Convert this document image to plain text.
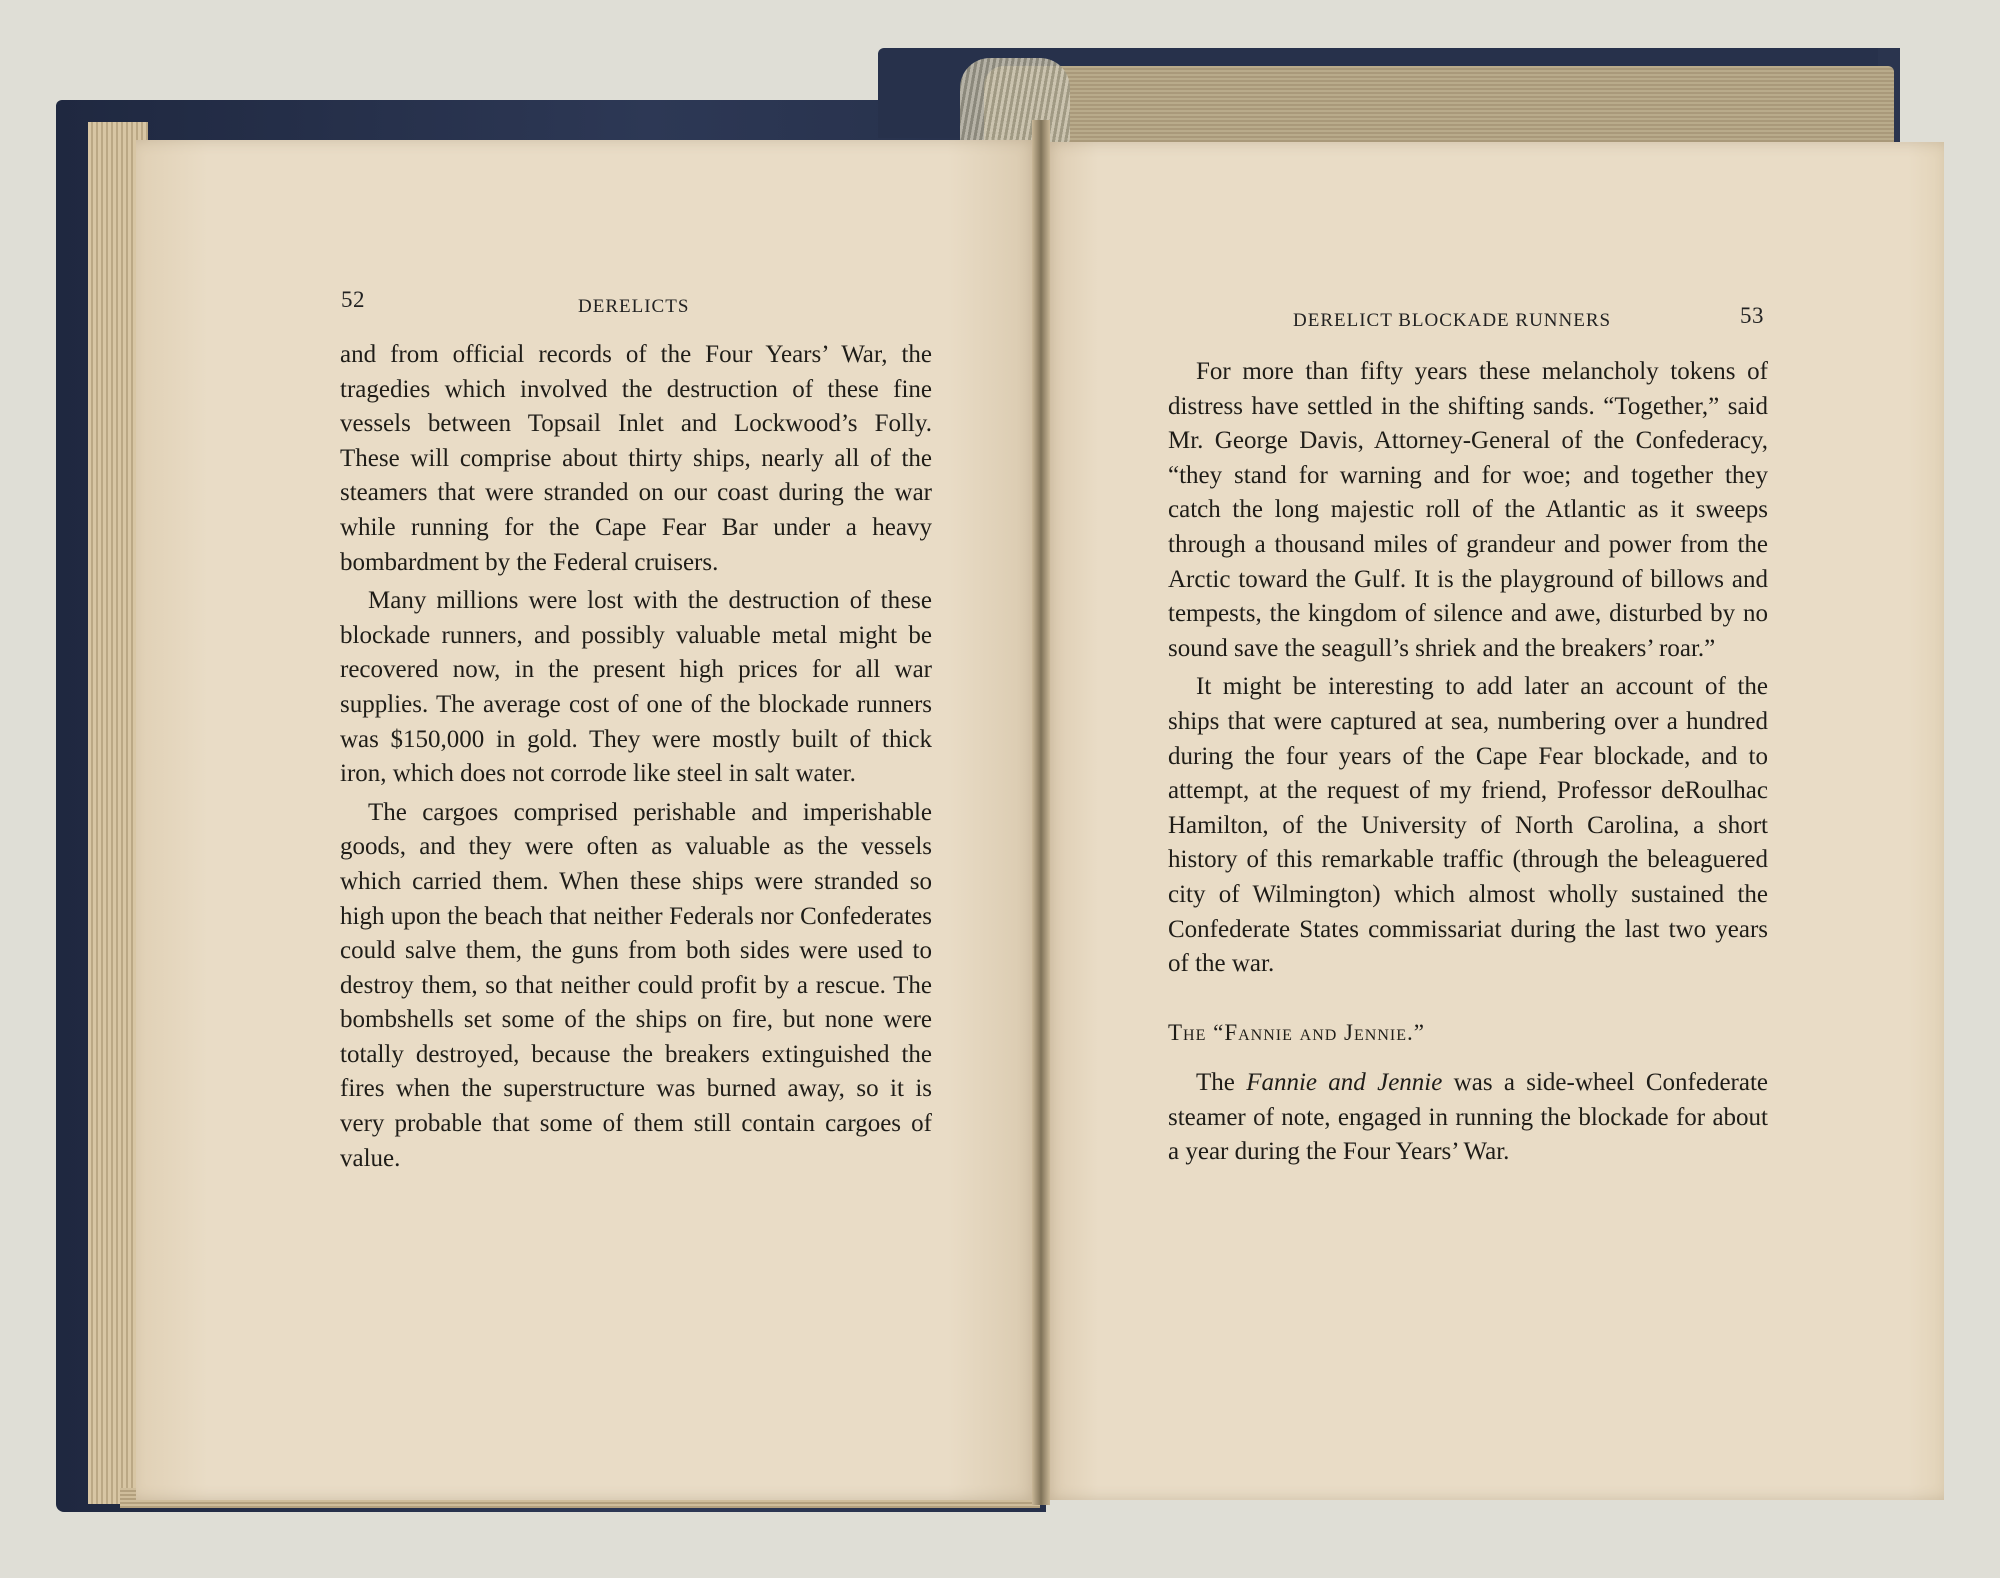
52	DERELICTS
DERELICT BLOCKADE RUNNERS	53

and from official records of the Four Years’ War, the tragedies which involved the destruction of these fine vessels between Topsail Inlet and Lockwood’s Folly. These will comprise about thirty ships, nearly all of the steamers that were stranded on our coast during the war while running for the Cape Fear Bar under a heavy bombardment by the Federal cruisers.

Many millions were lost with the destruction of these blockade runners, and possibly valuable metal might be recovered now, in the present high prices for all war supplies. The average cost of one of the blockade runners was $150,000 in gold. They were mostly built of thick iron, which does not corrode like steel in salt water.

The cargoes comprised perishable and imperishable goods, and they were often as valuable as the vessels which carried them. When these ships were stranded so high upon the beach that neither Federals nor Confederates could salve them, the guns from both sides were used to destroy them, so that neither could profit by a rescue. The bombshells set some of the ships on fire, but none were totally destroyed, because the breakers extinguished the fires when the superstructure was burned away, so it is very probable that some of them still contain cargoes of value.

For more than fifty years these melancholy tokens of distress have settled in the shifting sands. “Together,” said Mr. George Davis, Attorney-General of the Confederacy, “they stand for warning and for woe; and together they catch the long majestic roll of the Atlantic as it sweeps through a thousand miles of grandeur and power from the Arctic toward the Gulf. It is the playground of billows and tempests, the kingdom of silence and awe, disturbed by no sound save the seagull’s shriek and the breakers’ roar.”

It might be interesting to add later an account of the ships that were captured at sea, numbering over a hundred during the four years of the Cape Fear blockade, and to attempt, at the request of my friend, Professor deRoulhac Hamilton, of the University of North Carolina, a short history of this remarkable traffic (through the beleaguered city of Wilmington) which almost wholly sustained the Confederate States commissariat during the last two years of the war.

The “Fannie and Jennie.”

The Fannie and Jennie was a side-wheel Confederate steamer of note, engaged in running the blockade for about a year during the Four Years’ War.
